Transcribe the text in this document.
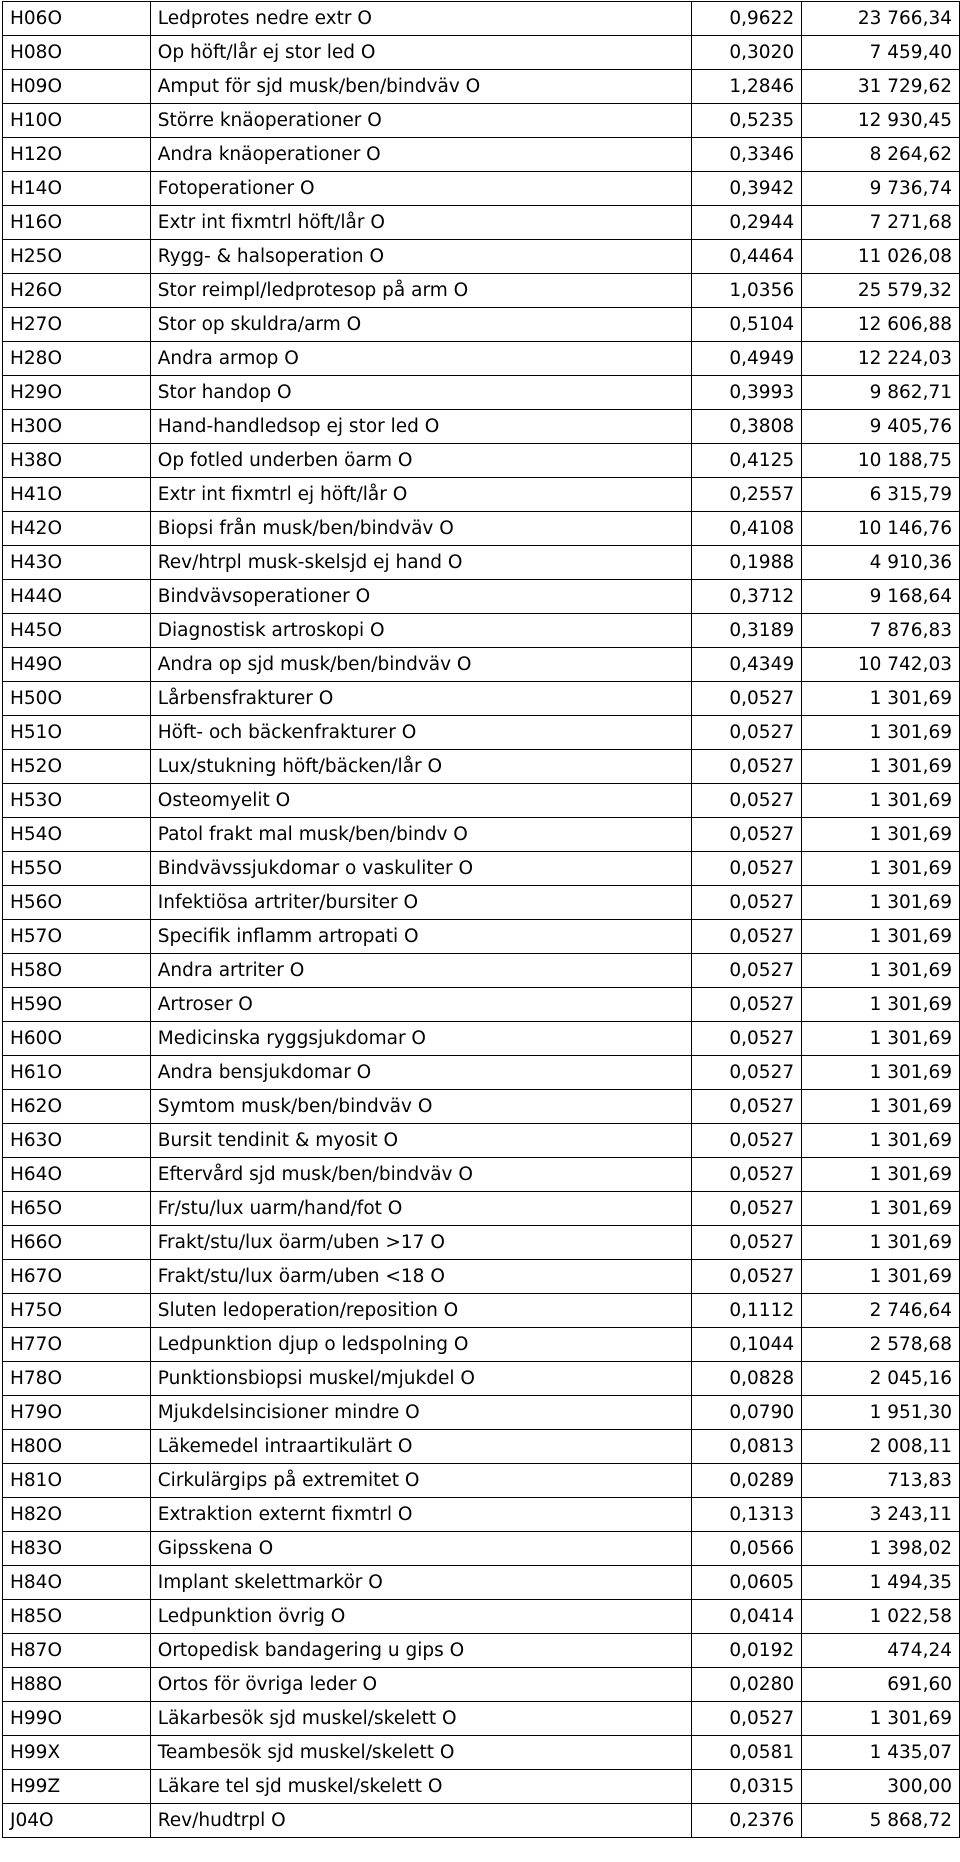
H06O	Ledprotes nedre extr O	0,9622	23 766,34
H08O	Op höft/lår ej stor led O	0,3020	7 459,40
H09O	Amput för sjd musk/ben/bindväv O	1,2846	31 729,62
H10O	Större knäoperationer O	0,5235	12 930,45
H12O	Andra knäoperationer O	0,3346	8 264,62
H14O	Fotoperationer O	0,3942	9 736,74
H16O	Extr int fixmtrl höft/lår O	0,2944	7 271,68
H25O	Rygg- & halsoperation O	0,4464	11 026,08
H26O	Stor reimpl/ledprotesop på arm O	1,0356	25 579,32
H27O	Stor op skuldra/arm O	0,5104	12 606,88
H28O	Andra armop O	0,4949	12 224,03
H29O	Stor handop O	0,3993	9 862,71
H30O	Hand-handledsop ej stor led O	0,3808	9 405,76
H38O	Op fotled underben öarm O	0,4125	10 188,75
H41O	Extr int fixmtrl ej höft/lår O	0,2557	6 315,79
H42O	Biopsi från musk/ben/bindväv O	0,4108	10 146,76
H43O	Rev/htrpl musk-skelsjd ej hand O	0,1988	4 910,36
H44O	Bindvävsoperationer O	0,3712	9 168,64
H45O	Diagnostisk artroskopi O	0,3189	7 876,83
H49O	Andra op sjd musk/ben/bindväv O	0,4349	10 742,03
H50O	Lårbensfrakturer O	0,0527	1 301,69
H51O	Höft- och bäckenfrakturer O	0,0527	1 301,69
H52O	Lux/stukning höft/bäcken/lår O	0,0527	1 301,69
H53O	Osteomyelit O	0,0527	1 301,69
H54O	Patol frakt mal musk/ben/bindv O	0,0527	1 301,69
H55O	Bindvävssjukdomar o vaskuliter O	0,0527	1 301,69
H56O	Infektiösa artriter/bursiter O	0,0527	1 301,69
H57O	Specifik inflamm artropati O	0,0527	1 301,69
H58O	Andra artriter O	0,0527	1 301,69
H59O	Artroser O	0,0527	1 301,69
H60O	Medicinska ryggsjukdomar O	0,0527	1 301,69
H61O	Andra bensjukdomar O	0,0527	1 301,69
H62O	Symtom musk/ben/bindväv O	0,0527	1 301,69
H63O	Bursit tendinit & myosit O	0,0527	1 301,69
H64O	Eftervård sjd musk/ben/bindväv O	0,0527	1 301,69
H65O	Fr/stu/lux uarm/hand/fot O	0,0527	1 301,69
H66O	Frakt/stu/lux öarm/uben >17 O	0,0527	1 301,69
H67O	Frakt/stu/lux öarm/uben <18 O	0,0527	1 301,69
H75O	Sluten ledoperation/reposition O	0,1112	2 746,64
H77O	Ledpunktion djup o ledspolning O	0,1044	2 578,68
H78O	Punktionsbiopsi muskel/mjukdel O	0,0828	2 045,16
H79O	Mjukdelsincisioner mindre O	0,0790	1 951,30
H80O	Läkemedel intraartikulärt O	0,0813	2 008,11
H81O	Cirkulärgips på extremitet O	0,0289	713,83
H82O	Extraktion externt fixmtrl O	0,1313	3 243,11
H83O	Gipsskena O	0,0566	1 398,02
H84O	Implant skelettmarkör O	0,0605	1 494,35
H85O	Ledpunktion övrig O	0,0414	1 022,58
H87O	Ortopedisk bandagering u gips O	0,0192	474,24
H88O	Ortos för övriga leder O	0,0280	691,60
H99O	Läkarbesök sjd muskel/skelett O	0,0527	1 301,69
H99X	Teambesök sjd muskel/skelett O	0,0581	1 435,07
H99Z	Läkare tel sjd muskel/skelett O	0,0315	300,00
J04O	Rev/hudtrpl O	0,2376	5 868,72
